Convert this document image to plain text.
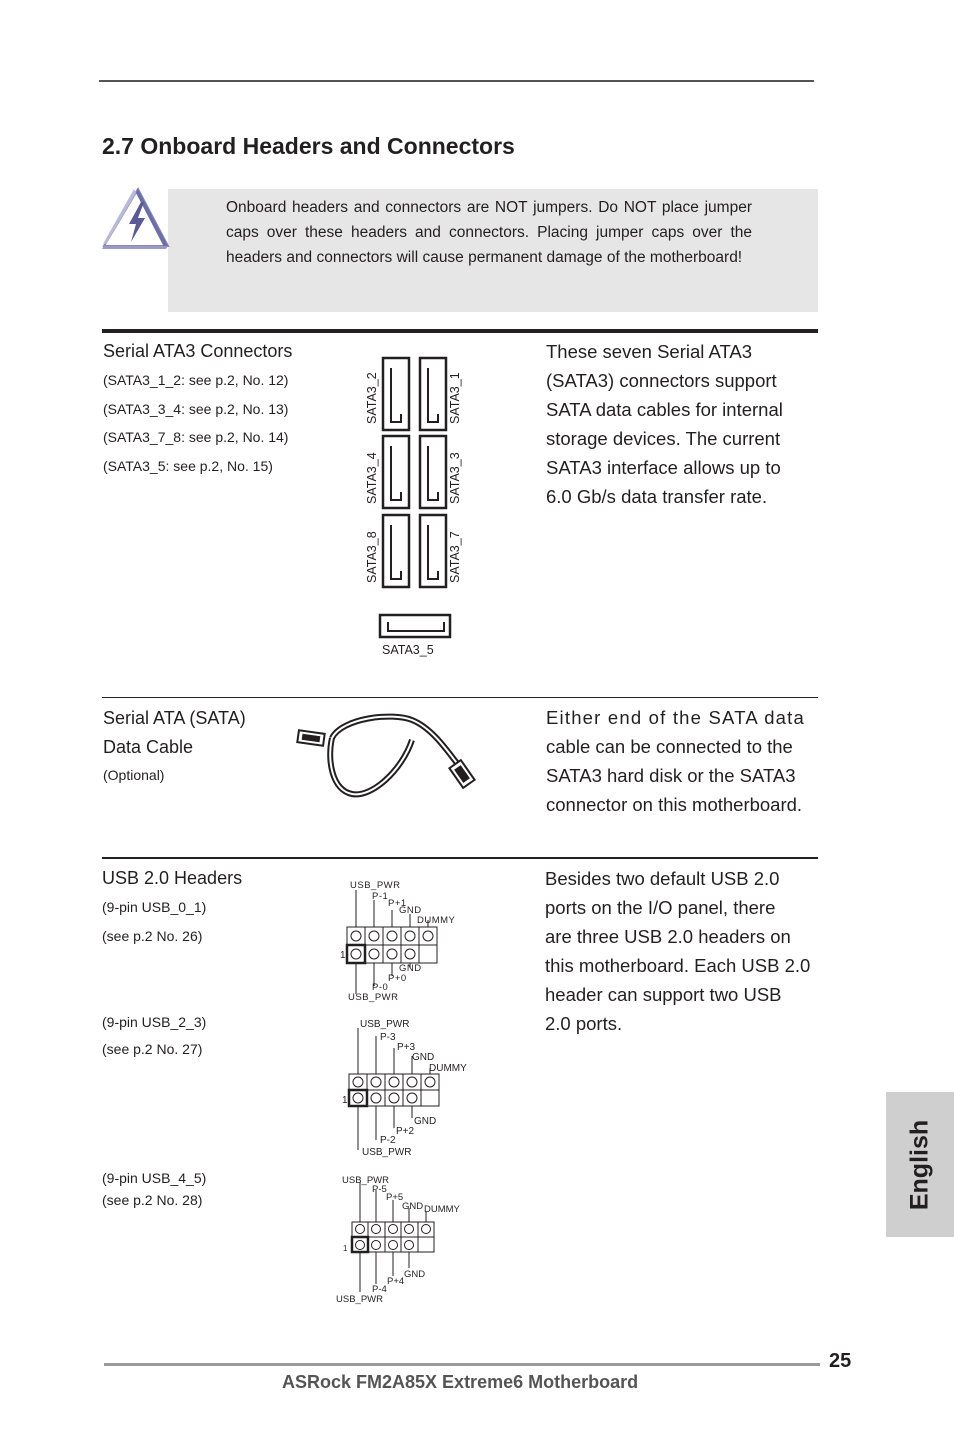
2.7 Onboard Headers and Connectors
Onboard headers and connectors are NOT jumpers. Do NOT place jumper caps over these headers and connectors. Placing jumper caps over the headers and connectors will cause permanent damage of the motherboard!
Serial ATA3 Connectors
(SATA3_1_2: see p.2, No. 12)
(SATA3_3_4: see p.2, No. 13)
(SATA3_7_8: see p.2, No. 14)
(SATA3_5: see p.2, No. 15)
SATA3_2	SATA3_1
SATA3_4	SATA3_3
SATA3_8	SATA3_7
SATA3_5
These seven Serial ATA3
(SATA3) connectors support
SATA data cables for internal
storage devices. The current
SATA3 interface allows up to
6.0 Gb/s data transfer rate.
Serial ATA (SATA)
Data Cable
(Optional)
Either end of the SATA data
cable can be connected to the
SATA3 hard disk or the SATA3
connector on this motherboard.
USB 2.0 Headers
(9-pin USB_0_1)
(see p.2 No. 26)
(9-pin USB_2_3)
(see p.2 No. 27)
(9-pin USB_4_5)
(see p.2 No. 28)
USB_PWR
P-1
P+1
GND
DUMMY
1
GND
P+0
P-0
USB_PWR
USB_PWR
P-3
P+3
GND
DUMMY
1
GND
P+2
P-2
USB_PWR
USB_PWR
P-5
P+5
GND DUMMY
1
GND
P+4
P-4
USB_PWR
Besides two default USB 2.0
ports on the I/O panel, there
are three USB 2.0 headers on
this motherboard. Each USB 2.0
header can support two USB
2.0 ports.
English
25
ASRock FM2A85X Extreme6 Motherboard
